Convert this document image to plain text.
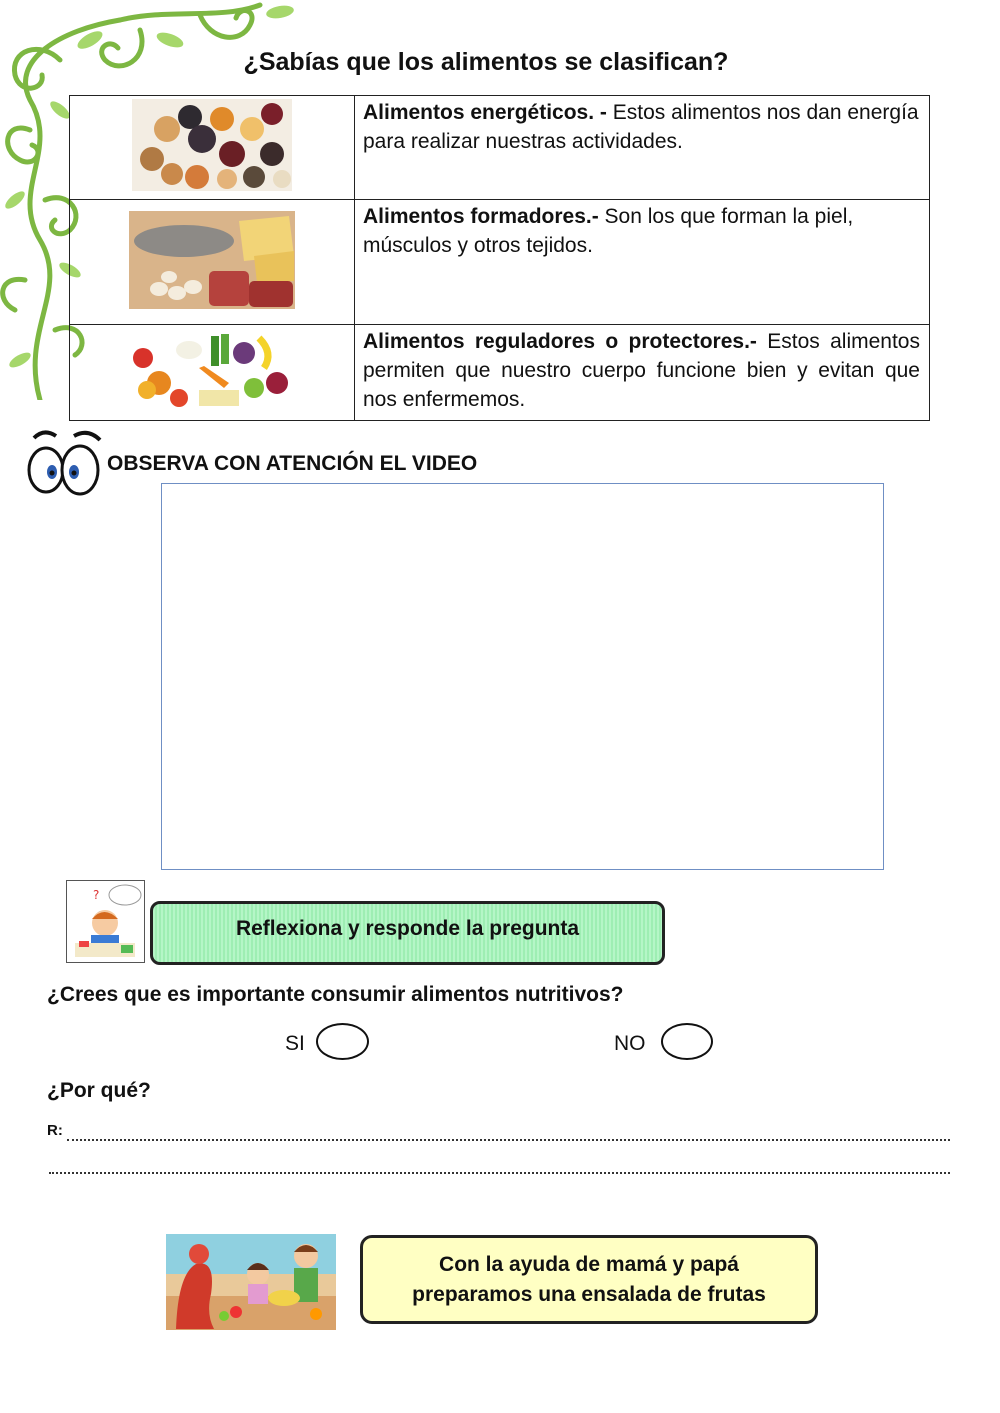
¿Sabías que los alimentos se clasifican?
	Alimentos energéticos. - Estos alimentos nos dan energía para realizar nuestras actividades.
	Alimentos formadores.- Son los que forman la piel, músculos y otros tejidos.
	Alimentos reguladores o protectores.- Estos alimentos permiten que nuestro cuerpo funcione bien y evitan que nos enfermemos.
OBSERVA CON ATENCIÓN EL VIDEO
?
Reflexiona y responde la pregunta
¿Crees que es importante consumir alimentos nutritivos?
SI	NO
¿Por qué?
R:
Con la ayuda de mamá y papá
preparamos una ensalada de frutas
